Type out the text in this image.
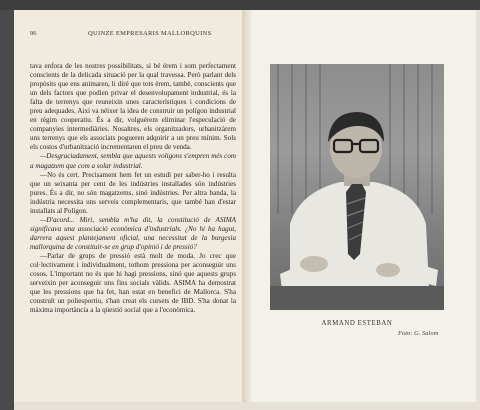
96	QUINZE EMPRESARIS MALLORQUINS

tava enfora de les nostres possibilitats, si bé érem i som perfectament conscients de la delicada situació per la qual travessa. Però parlant dels propòsits que ens animaren, li diré que tots érem, també, conscients que un dels factors que podien privar el desenvolupament industrial, és la falta de terrenys que reuneixin unes característiques i condicions de preu adequades. Així va néixer la idea de construir un polígon industrial en règim cooperatiu. És a dir, volguérem eliminar l'especulació de companyies intermediàries. Nosaltres, els organitzadors, urbanitzàrem uns terrenys que els associats pogueren adquirir a un preu mínim. Sols els costos d'urbanització incrementaren el preu de venda.

—Desgraciadament, sembla que aquests voligons s'empren més com a magatzem que com a solar industrial.

—No és cert. Precisament hem fet un estudi per saber-ho i resulta que un seixanta per cent de les indústries installades són indústries pures. És a dir, no són magatzems, sinó indústries. Per altra banda, la indústria necessita uns serveis complementaris, que també han d'estar installats al Polígon.

—D'acord... Miri, sembla m'ha dit, la constitució de ASIMA significava una associació econòmica d'industrials. ¿No hi ha hagut, darrera aquest plantejament oficial, una necessitat de la burgesia mallorquina de constituir-se en grup d'opinió i de pressió?

—Parlar de grups de pressió està molt de moda. Jo crec que col·lectivament i individualment, tothom pressiona per aconseguir uns cosos. L'important no és que hi hagi pressions, sinó que aquests grups serveixin per aconseguir uns fins socials vàlids. ASIMA ha demostrat que les pressions que ha fet, han estat en benefici de Mallorca. S'ha construït un poliesportiu, s'han creat els cursets de IBD. S'ha donat la màxima importància a la qüestió social que a l'econòmica.

ARMAND ESTEBAN
Foto: G. Salom
